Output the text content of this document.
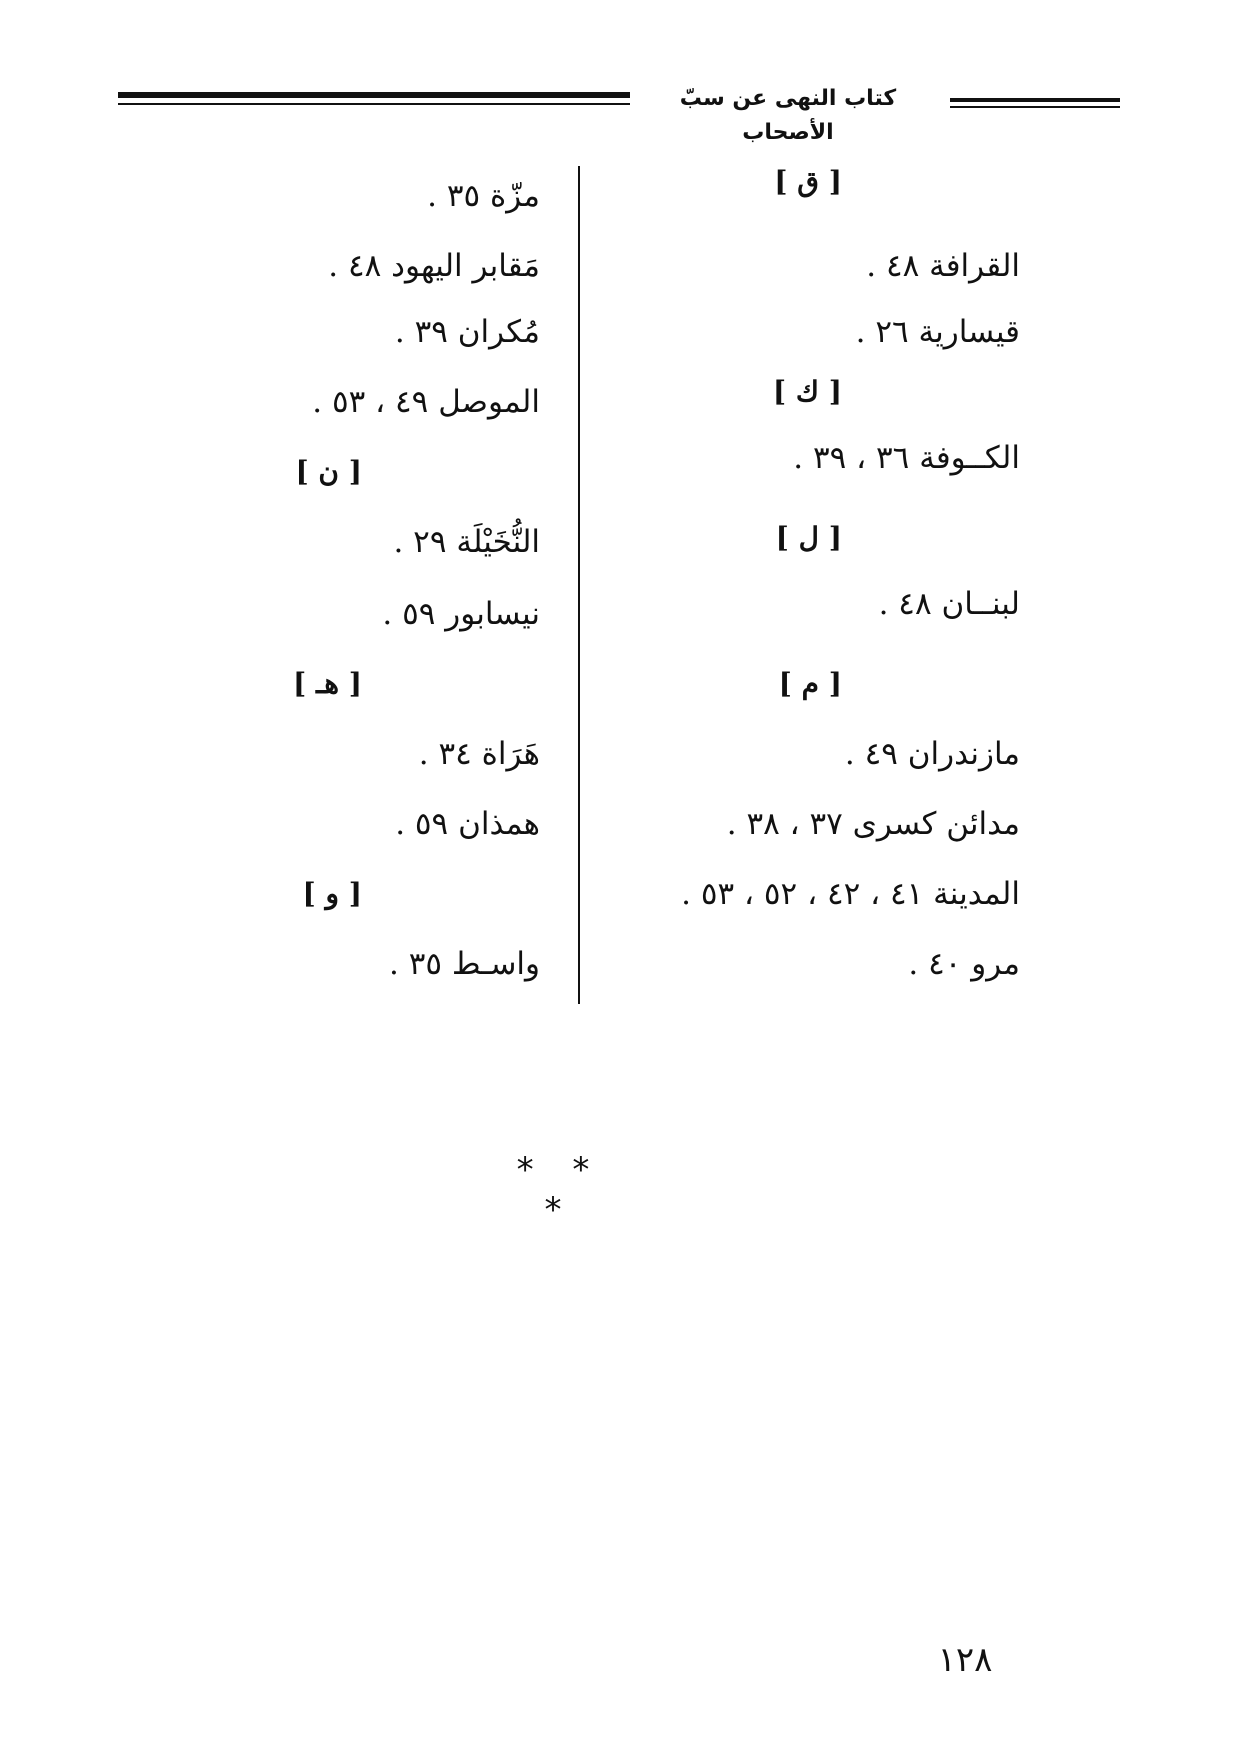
كتاب النهى عن سبّ الأصحاب
[ ق ]
القرافة ٤٨ .
قيسارية ٢٦ .
[ ك ]
الكــوفة ٣٦ ، ٣٩ .
[ ل ]
لبنــان ٤٨ .
[ م ]
مازندران ٤٩ .
مدائن كسرى ٣٧ ، ٣٨ .
المدينة ٤١ ، ٤٢ ، ٥٢ ، ٥٣ .
مرو ٤٠ .
مزّة ٣٥ .
مَقابر اليهود ٤٨ .
مُكران ٣٩ .
الموصل ٤٩ ، ٥٣ .
[ ن ]
النُّخَيْلَة ٢٩ .
نيسابور ٥٩ .
[ هـ ]
هَرَاة ٣٤ .
همذان ٥٩ .
[ و ]
واسـط ٣٥ .
* * *
١٢٨
